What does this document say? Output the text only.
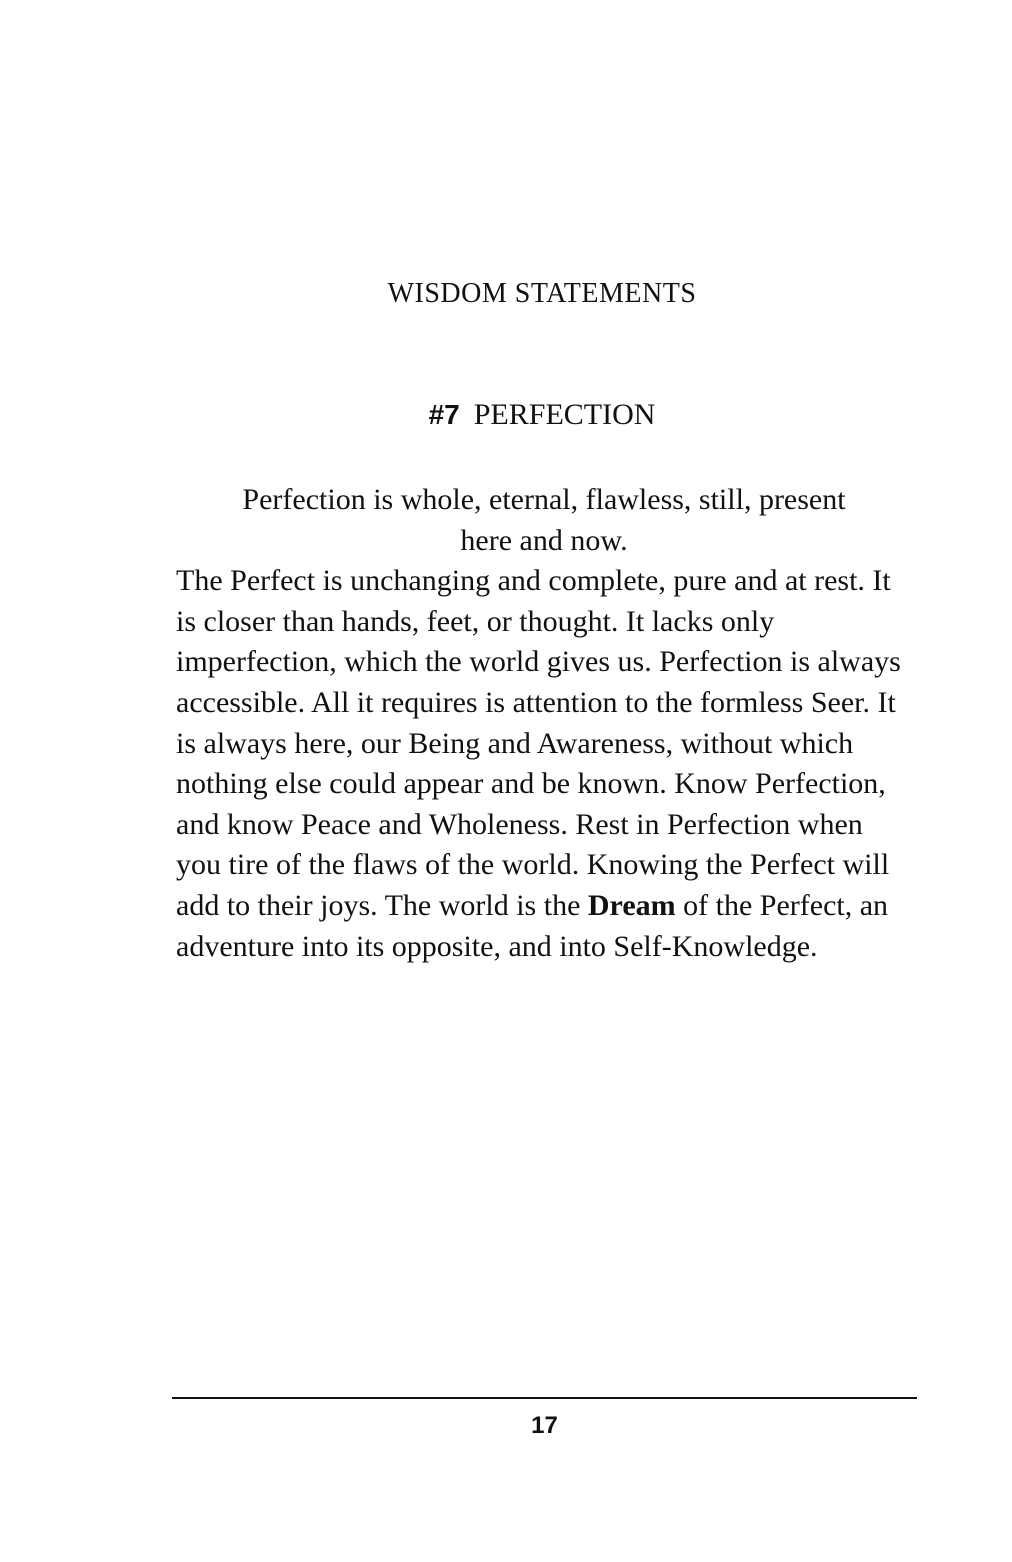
WISDOM STATEMENTS
#7 PERFECTION

Perfection is whole, eternal, flawless, still, present
here and now.

The Perfect is unchanging and complete, pure and at rest. It is closer than hands, feet, or thought. It lacks only imperfection, which the world gives us. Perfection is always accessible. All it requires is attention to the formless Seer. It is always here, our Being and Awareness, without which nothing else could appear and be known. Know Perfection, and know Peace and Wholeness. Rest in Perfection when you tire of the flaws of the world. Knowing the Perfect will add to their joys. The world is the Dream of the Perfect, an adventure into its opposite, and into Self-Knowledge.

17
